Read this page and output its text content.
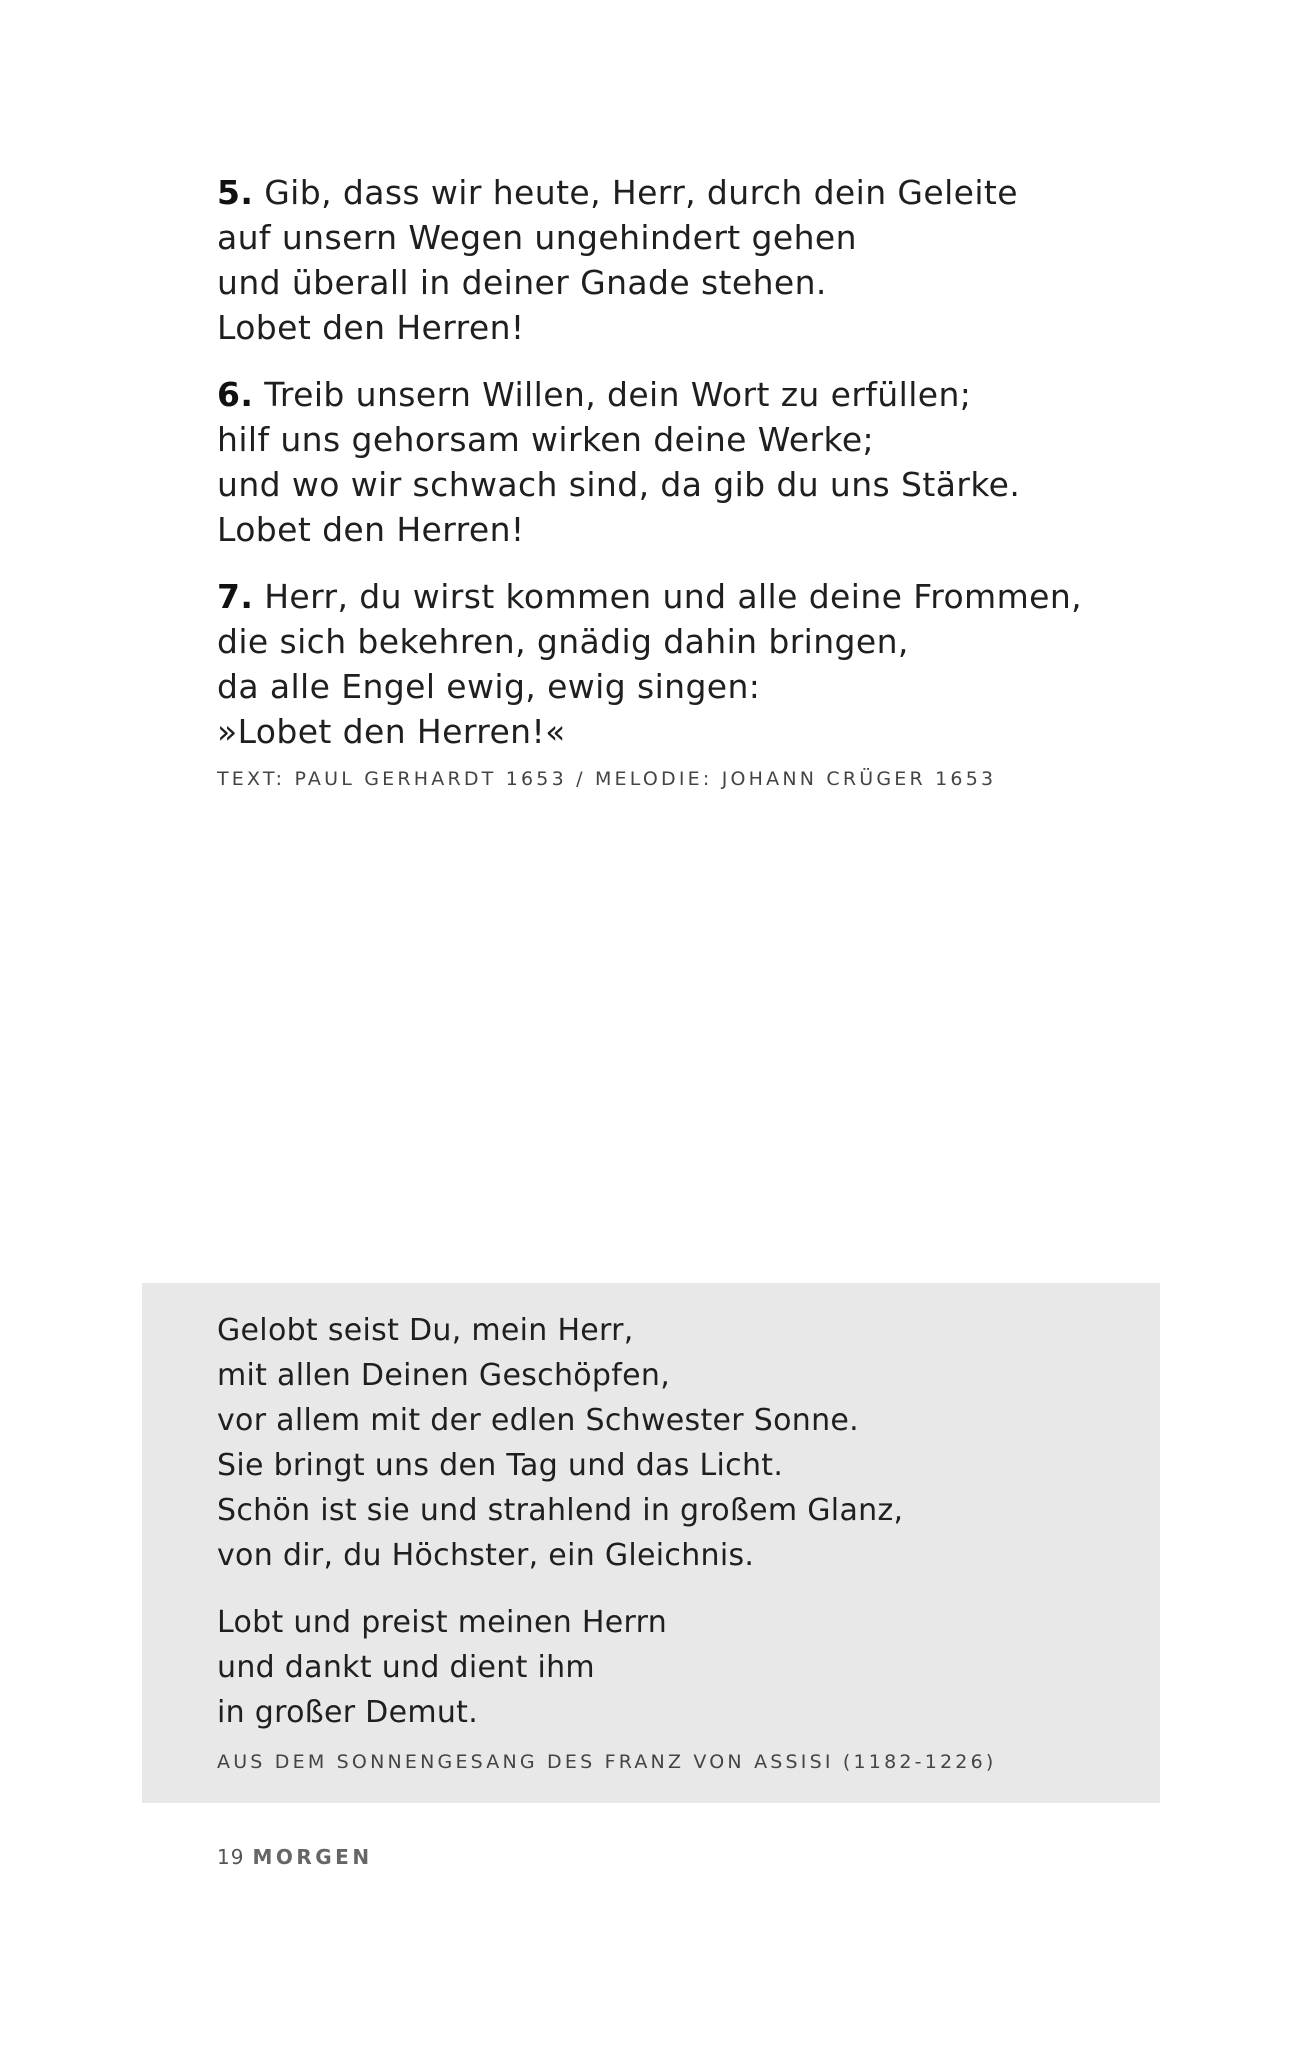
5. Gib, dass wir heute, Herr, durch dein Geleite
auf unsern Wegen ungehindert gehen
und überall in deiner Gnade stehen.
Lobet den Herren!
6. Treib unsern Willen, dein Wort zu erfüllen;
hilf uns gehorsam wirken deine Werke;
und wo wir schwach sind, da gib du uns Stärke.
Lobet den Herren!
7. Herr, du wirst kommen und alle deine Frommen,
die sich bekehren, gnädig dahin bringen,
da alle Engel ewig, ewig singen:
»Lobet den Herren!«
TEXT: PAUL GERHARDT 1653 / MELODIE: JOHANN CRÜGER 1653
Gelobt seist Du, mein Herr,
mit allen Deinen Geschöpfen,
vor allem mit der edlen Schwester Sonne.
Sie bringt uns den Tag und das Licht.
Schön ist sie und strahlend in großem Glanz,
von dir, du Höchster, ein Gleichnis.
Lobt und preist meinen Herrn
und dankt und dient ihm
in großer Demut.
AUS DEM SONNENGESANG DES FRANZ VON ASSISI (1182-1226)
19 MORGEN
